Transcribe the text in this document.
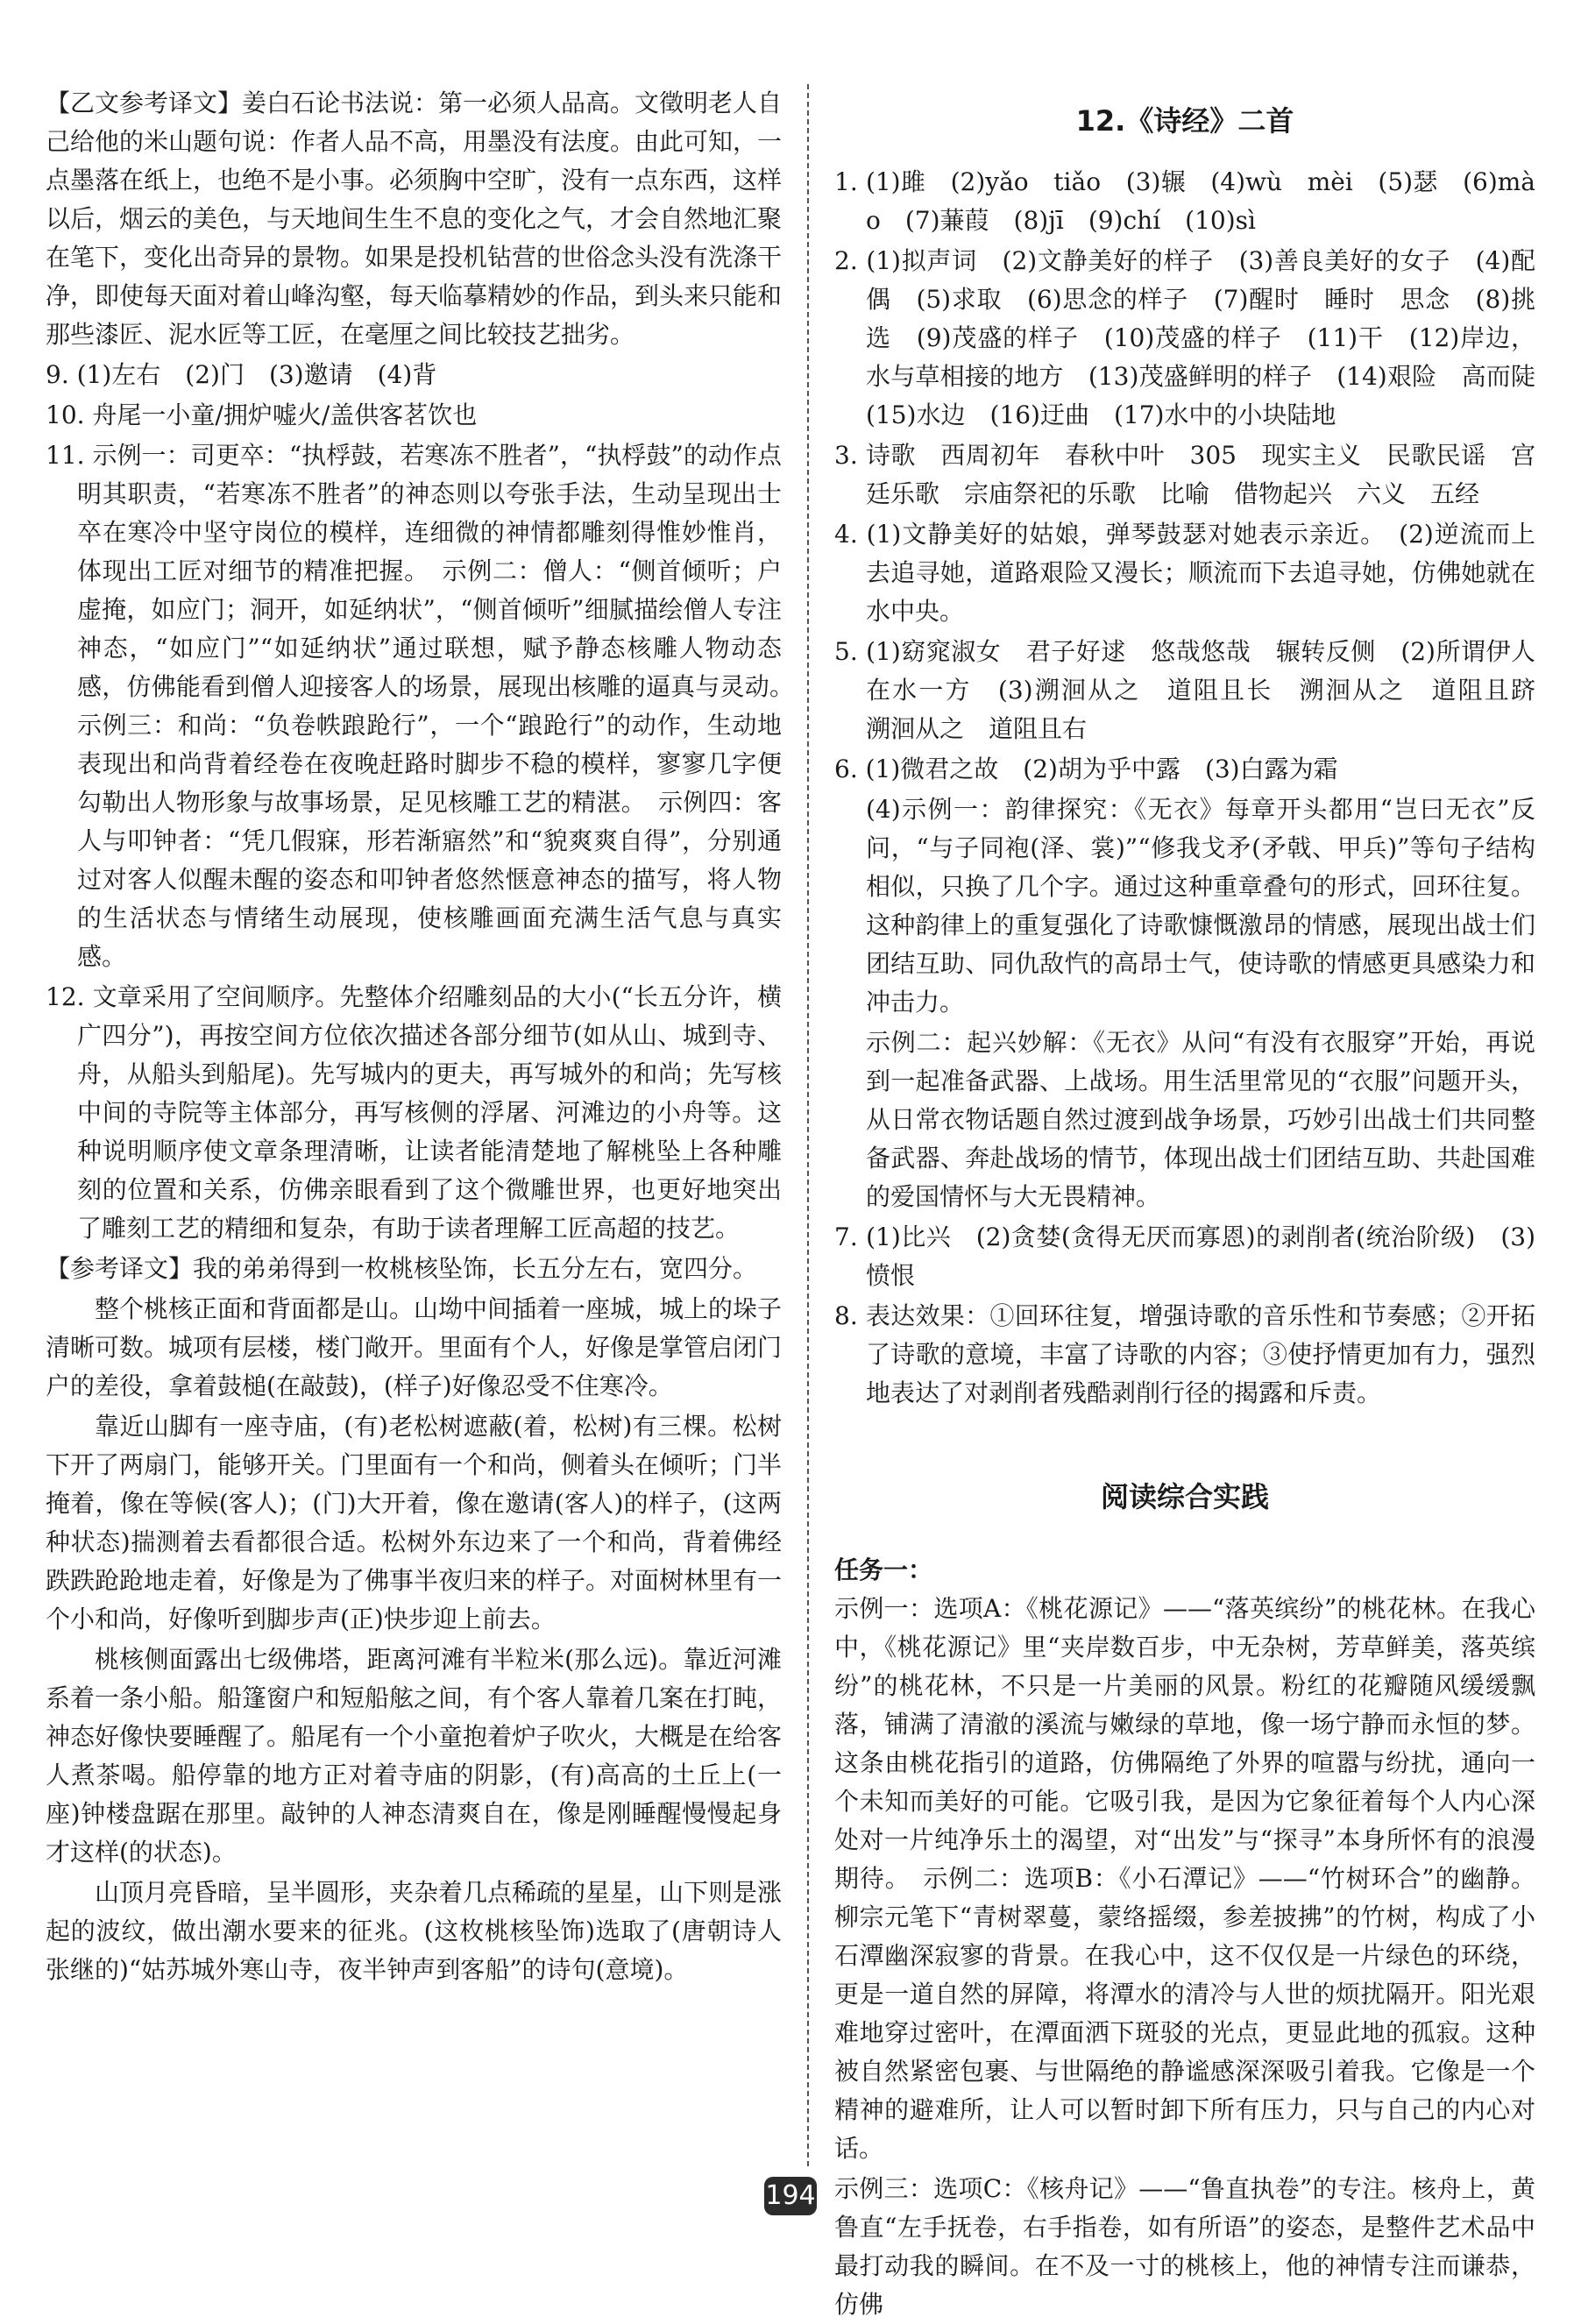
【乙文参考译文】姜白石论书法说：第一必须人品高。文徵明老人自己给他的米山题句说：作者人品不高，用墨没有法度。由此可知，一点墨落在纸上，也绝不是小事。必须胸中空旷，没有一点东西，这样以后，烟云的美色，与天地间生生不息的变化之气，才会自然地汇聚在笔下，变化出奇异的景物。如果是投机钻营的世俗念头没有洗涤干净，即使每天面对着山峰沟壑，每天临摹精妙的作品，到头来只能和那些漆匠、泥水匠等工匠，在毫厘之间比较技艺拙劣。

9. (1)左右　(2)门　(3)邀请　(4)背

10. 舟尾一小童/拥炉嘘火/盖供客茗饮也

11. 示例一：司更卒：“执桴鼓，若寒冻不胜者”，“执桴鼓”的动作点明其职责，“若寒冻不胜者”的神态则以夸张手法，生动呈现出士卒在寒冷中坚守岗位的模样，连细微的神情都雕刻得惟妙惟肖，体现出工匠对细节的精准把握。　示例二：僧人：“侧首倾听；户虚掩，如应门；洞开，如延纳状”，“侧首倾听”细腻描绘僧人专注神态，“如应门”“如延纳状”通过联想，赋予静态核雕人物动态感，仿佛能看到僧人迎接客人的场景，展现出核雕的逼真与灵动。　示例三：和尚：“负卷帙踉跄行”，一个“踉跄行”的动作，生动地表现出和尚背着经卷在夜晚赶路时脚步不稳的模样，寥寥几字便勾勒出人物形象与故事场景，足见核雕工艺的精湛。　示例四：客人与叩钟者：“凭几假寐，形若渐寤然”和“貌爽爽自得”，分别通过对客人似醒未醒的姿态和叩钟者悠然惬意神态的描写，将人物的生活状态与情绪生动展现，使核雕画面充满生活气息与真实感。

12. 文章采用了空间顺序。先整体介绍雕刻品的大小(“长五分许，横广四分”)，再按空间方位依次描述各部分细节(如从山、城到寺、舟，从船头到船尾)。先写城内的更夫，再写城外的和尚；先写核中间的寺院等主体部分，再写核侧的浮屠、河滩边的小舟等。这种说明顺序使文章条理清晰，让读者能清楚地了解桃坠上各种雕刻的位置和关系，仿佛亲眼看到了这个微雕世界，也更好地突出了雕刻工艺的精细和复杂，有助于读者理解工匠高超的技艺。

【参考译文】我的弟弟得到一枚桃核坠饰，长五分左右，宽四分。

整个桃核正面和背面都是山。山坳中间插着一座城，城上的垛子清晰可数。城项有层楼，楼门敞开。里面有个人，好像是掌管启闭门户的差役，拿着鼓槌(在敲鼓)，(样子)好像忍受不住寒冷。

靠近山脚有一座寺庙，(有)老松树遮蔽(着，松树)有三棵。松树下开了两扇门，能够开关。门里面有一个和尚，侧着头在倾听；门半掩着，像在等候(客人)；(门)大开着，像在邀请(客人)的样子，(这两种状态)揣测着去看都很合适。松树外东边来了一个和尚，背着佛经跌跌跄跄地走着，好像是为了佛事半夜归来的样子。对面树林里有一个小和尚，好像听到脚步声(正)快步迎上前去。

桃核侧面露出七级佛塔，距离河滩有半粒米(那么远)。靠近河滩系着一条小船。船篷窗户和短船舷之间，有个客人靠着几案在打盹，神态好像快要睡醒了。船尾有一个小童抱着炉子吹火，大概是在给客人煮茶喝。船停靠的地方正对着寺庙的阴影，(有)高高的土丘上(一座)钟楼盘踞在那里。敲钟的人神态清爽自在，像是刚睡醒慢慢起身才这样(的状态)。

山顶月亮昏暗，呈半圆形，夹杂着几点稀疏的星星，山下则是涨起的波纹，做出潮水要来的征兆。(这枚桃核坠饰)选取了(唐朝诗人张继的)“姑苏城外寒山寺，夜半钟声到客船”的诗句(意境)。

12.《诗经》二首

1. (1)雎　(2)yǎo　tiǎo　(3)辗　(4)wù　mèi　(5)瑟　(6)mào　(7)蒹葭　(8)jī　(9)chí　(10)sì

2. (1)拟声词　(2)文静美好的样子　(3)善良美好的女子　(4)配偶　(5)求取　(6)思念的样子　(7)醒时　睡时　思念　(8)挑选　(9)茂盛的样子　(10)茂盛的样子　(11)干　(12)岸边，水与草相接的地方　(13)茂盛鲜明的样子　(14)艰险　高而陡　(15)水边　(16)迂曲　(17)水中的小块陆地

3. 诗歌　西周初年　春秋中叶　305　现实主义　民歌民谣　宫廷乐歌　宗庙祭祀的乐歌　比喻　借物起兴　六义　五经

4. (1)文静美好的姑娘，弹琴鼓瑟对她表示亲近。　(2)逆流而上去追寻她，道路艰险又漫长；顺流而下去追寻她，仿佛她就在水中央。

5. (1)窈窕淑女　君子好逑　悠哉悠哉　辗转反侧　(2)所谓伊人　在水一方　(3)溯洄从之　道阻且长　溯洄从之　道阻且跻　溯洄从之　道阻且右

6. (1)微君之故　(2)胡为乎中露　(3)白露为霜

(4)示例一：韵律探究：《无衣》每章开头都用“岂曰无衣”反问，“与子同袍(泽、裳)”“修我戈矛(矛戟、甲兵)”等句子结构相似，只换了几个字。通过这种重章叠句的形式，回环往复。这种韵律上的重复强化了诗歌慷慨激昂的情感，展现出战士们团结互助、同仇敌忾的高昂士气，使诗歌的情感更具感染力和冲击力。

示例二：起兴妙解：《无衣》从问“有没有衣服穿”开始，再说到一起准备武器、上战场。用生活里常见的“衣服”问题开头，从日常衣物话题自然过渡到战争场景，巧妙引出战士们共同整备武器、奔赴战场的情节，体现出战士们团结互助、共赴国难的爱国情怀与大无畏精神。

7. (1)比兴　(2)贪婪(贪得无厌而寡恩)的剥削者(统治阶级)　(3)愤恨

8. 表达效果：①回环往复，增强诗歌的音乐性和节奏感；②开拓了诗歌的意境，丰富了诗歌的内容；③使抒情更加有力，强烈地表达了对剥削者残酷剥削行径的揭露和斥责。

阅读综合实践
任务一：

示例一：选项A：《桃花源记》——“落英缤纷”的桃花林。在我心中，《桃花源记》里“夹岸数百步，中无杂树，芳草鲜美，落英缤纷”的桃花林，不只是一片美丽的风景。粉红的花瓣随风缓缓飘落，铺满了清澈的溪流与嫩绿的草地，像一场宁静而永恒的梦。这条由桃花指引的道路，仿佛隔绝了外界的喧嚣与纷扰，通向一个未知而美好的可能。它吸引我，是因为它象征着每个人内心深处对一片纯净乐土的渴望，对“出发”与“探寻”本身所怀有的浪漫期待。　示例二：选项B：《小石潭记》——“竹树环合”的幽静。柳宗元笔下“青树翠蔓，蒙络摇缀，参差披拂”的竹树，构成了小石潭幽深寂寥的背景。在我心中，这不仅仅是一片绿色的环绕，更是一道自然的屏障，将潭水的清冷与人世的烦扰隔开。阳光艰难地穿过密叶，在潭面洒下斑驳的光点，更显此地的孤寂。这种被自然紧密包裹、与世隔绝的静谧感深深吸引着我。它像是一个精神的避难所，让人可以暂时卸下所有压力，只与自己的内心对话。

示例三：选项C：《核舟记》——“鲁直执卷”的专注。核舟上，黄鲁直“左手抚卷，右手指卷，如有所语”的姿态，是整件艺术品中最打动我的瞬间。在不及一寸的桃核上，他的神情专注而谦恭，仿佛

194
